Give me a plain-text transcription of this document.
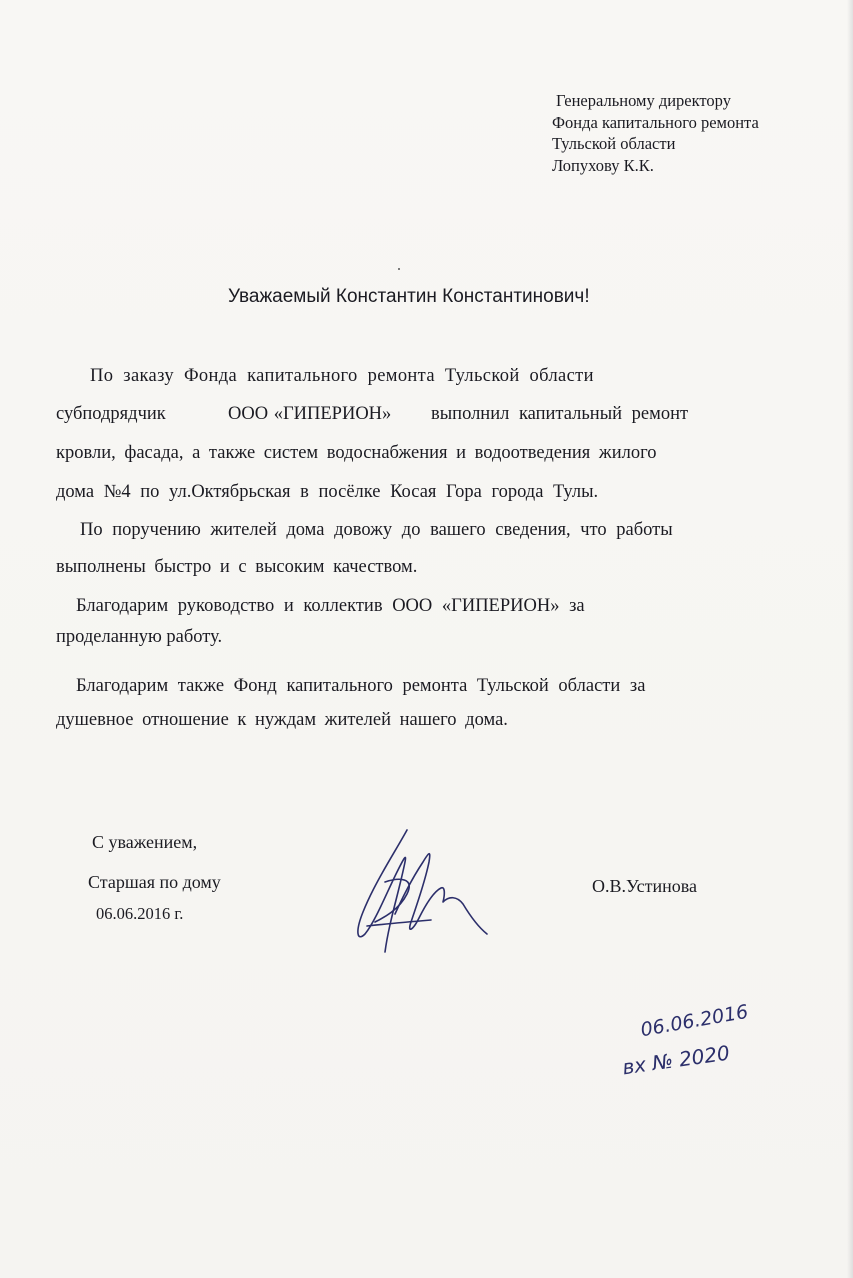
Генеральному директору
Фонда капитального ремонта
Тульской области
Лопухову К.К.
Уважаемый Константин Константинович!
По заказу Фонда капитального ремонта Тульской области
субподрядчик	ООО «ГИПЕРИОН» выполнил капитальный ремонт
кровли, фасада, а также систем водоснабжения и водоотведения жилого
дома №4 по ул.Октябрьская в посёлке Косая Гора города Тулы.
По поручению жителей дома довожу до вашего сведения, что работы
выполнены быстро и с высоким качеством.
Благодарим руководство и коллектив ООО «ГИПЕРИОН» за
проделанную работу.
Благодарим также Фонд капитального ремонта Тульской области за
душевное отношение к нуждам жителей нашего дома.
С уважением,
Старшая по дому
06.06.2016 г.
О.В.Устинова
06.06.2016
вх № 2020
